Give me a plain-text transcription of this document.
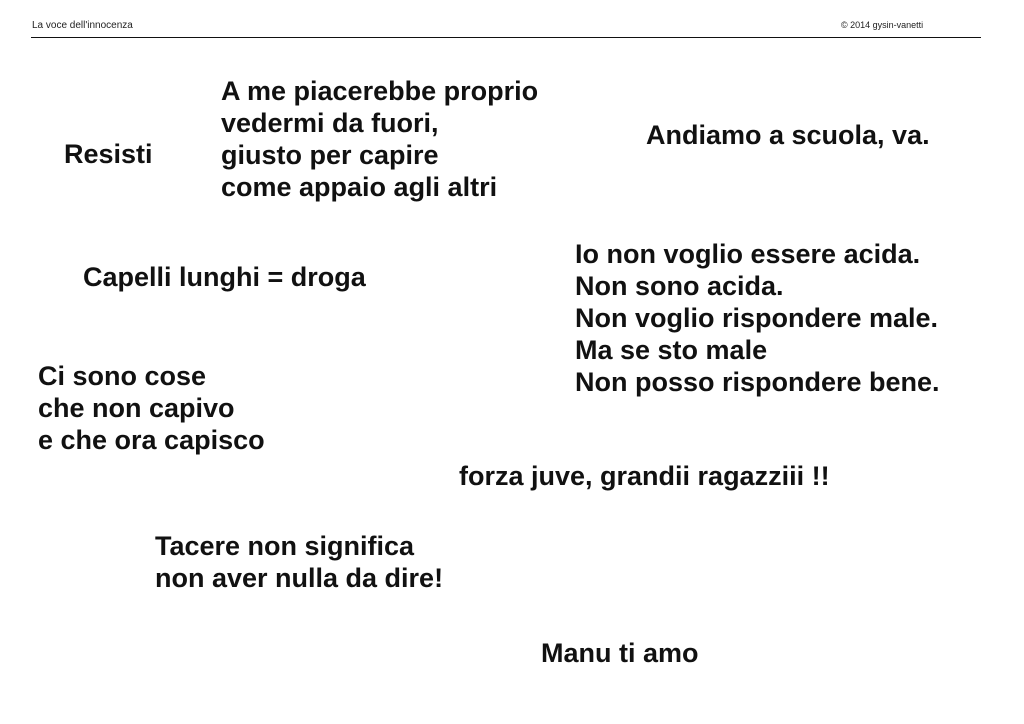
La voce dell'innocenza	© 2014 gysin-vanetti
A me piacerebbe proprio
vedermi da fuori,
giusto per capire
come appaio agli altri
Resisti
Andiamo a scuola, va.
Capelli lunghi = droga
Io non voglio essere acida.
Non sono acida.
Non voglio rispondere male.
Ma se sto male
Non posso rispondere bene.
Ci sono cose
che non capivo
e che ora capisco
forza juve, grandii ragazziii !!
Tacere non significa
non aver nulla da dire!
Manu ti amo
